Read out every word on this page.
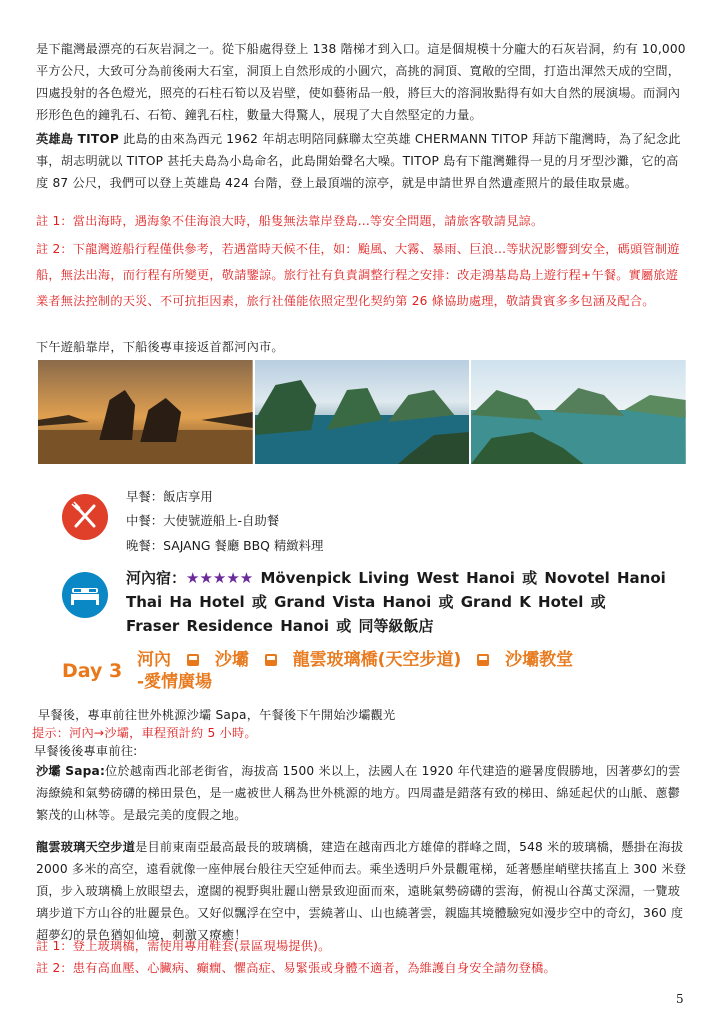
是下龍灣最漂亮的石灰岩洞之一。從下船處得登上 138 階梯才到入口。這是個規模十分龐大的石灰岩洞，約有 10,000 平方公尺，大致可分為前後兩大石室，洞頂上自然形成的小圓穴，高挑的洞頂、寬敞的空間，打造出渾然天成的空間，四處投射的各色燈光，照亮的石柱石筍以及岩壁，使如藝術品一般，將巨大的溶洞妝點得有如大自然的展演場。而洞內形形色色的鐘乳石、石筍、鐘乳石柱，數量大得驚人，展現了大自然堅定的力量。
英雄島 TITOP 此島的由來為西元 1962 年胡志明陪同蘇聯太空英雄 CHERMANN TITOP 拜訪下龍灣時，為了紀念此事，胡志明就以 TITOP 甚托夫島為小島命名，此島開始聲名大噪。TITOP 島有下龍灣難得一見的月牙型沙灘，它的高度 87 公尺，我們可以登上英雄島 424 台階，登上最頂端的涼亭，就是申請世界自然遺產照片的最佳取景處。
註 1：當出海時，遇海象不佳海浪大時，船隻無法靠岸登島...等安全問題，請旅客敬請見諒。
註 2：下龍灣遊船行程僅供參考，若遇當時天候不佳，如：颱風、大霧、暴雨、巨浪...等狀況影響到安全，碼頭管制遊船，無法出海，而行程有所變更，敬請鑒諒。旅行社有負責調整行程之安排：改走鴻基島島上遊行程+午餐。實屬旅遊業者無法控制的天災、不可抗拒因素，旅行社僅能依照定型化契約第 26 條協助處理，敬請貴賓多多包涵及配合。
下午遊船靠岸，下船後專車接返首都河內市。
早餐：飯店享用
中餐：大使號遊船上-自助餐
晚餐：SAJANG 餐廳 BBQ 精緻料理
河內宿：★★★★★ Mövenpick Living West Hanoi 或 Novotel Hanoi Thai Ha Hotel 或 Grand Vista Hanoi 或 Grand K Hotel 或 Fraser Residence Hanoi 或 同等級飯店
Day 3 河內	沙壩	龍雲玻璃橋(天空步道)	沙壩教堂
-愛情廣場
早餐後，專車前往世外桃源沙壩 Sapa，午餐後下午開始沙壩觀光
提示：河內→沙壩，車程預計約 5 小時。
早餐後後專車前往:
沙壩 Sapa:位於越南西北部老街省，海拔高 1500 米以上，法國人在 1920 年代建造的避暑度假勝地，因著夢幻的雲海繚繞和氣勢磅礴的梯田景色，是一處被世人稱為世外桃源的地方。四周盡是錯落有致的梯田、綿延起伏的山脈、蔥鬱繁茂的山林等。是最完美的度假之地。
龍雲玻璃天空步道是目前東南亞最高最長的玻璃橋，建造在越南西北方雄偉的群峰之間，548 米的玻璃橋，懸掛在海拔 2000 多米的高空，遠看就像一座伸展台般往天空延伸而去。乘坐透明戶外景觀電梯，延著懸崖峭壁扶搖直上 300 米登頂，步入玻璃橋上放眼望去，遼闊的視野與壯麗山巒景致迎面而來，遠眺氣勢磅礴的雲海，俯視山谷萬丈深淵，一覽玻璃步道下方山谷的壯麗景色。又好似飄浮在空中，雲繞著山、山也繞著雲，親臨其境體驗宛如漫步空中的奇幻，360 度超夢幻的景色猶如仙境，刺激又療癒！
註 1：登上玻璃橋，需使用專用鞋套(景區現場提供)。
註 2：患有高血壓、心臟病、癲癇、懼高症、易緊張或身體不適者，為維護自身安全請勿登橋。
5
